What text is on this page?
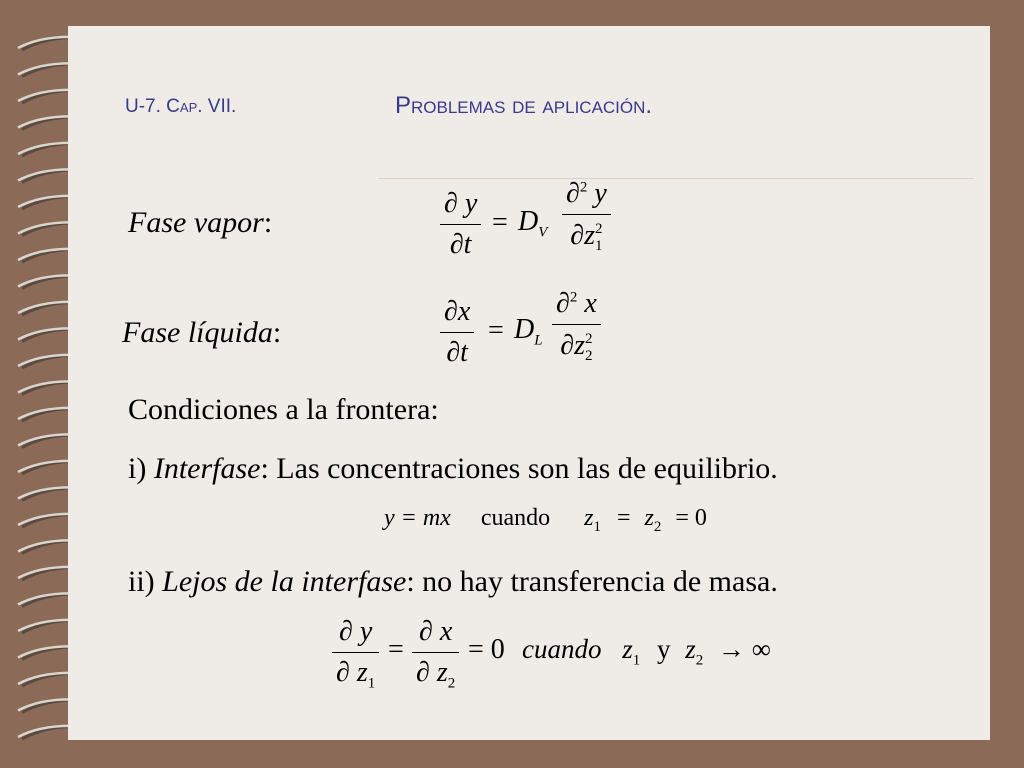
U-7. Cap. VII.	Problemas de aplicación.
Fase vapor:
∂ y
∂t
= $D_V$
∂$^2$ y
∂z 2
1
Fase líquida:
∂x
∂t
= $D_L$
∂$^2$ x
∂z 2
2
Condiciones a la frontera:
i) Interfase: Las concentraciones son las de equilibrio.
y = mx cuando $z_1 = z_2 = 0$
ii) Lejos de la interfase: no hay transferencia de masa.
∂ y
∂ $z_1$
=
∂ x
∂ $z_2$
= 0 cuando $z_1$ y $z_2$ → ∞
